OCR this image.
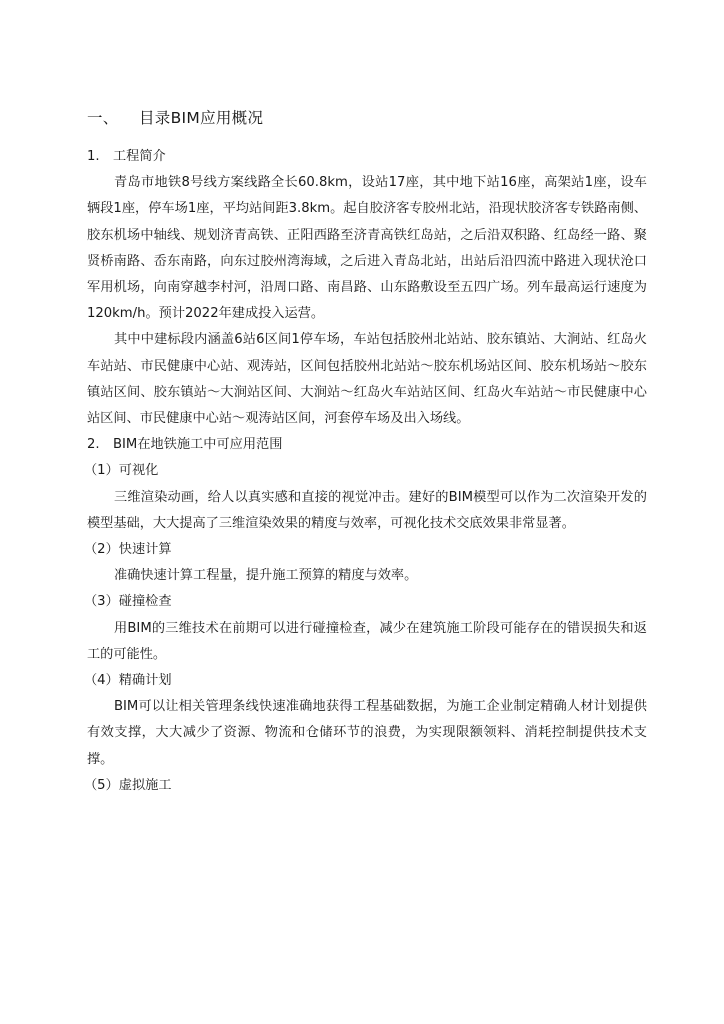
一、 目录BIM应用概况
1. 工程简介
青岛市地铁8号线方案线路全长60.8km，设站17座，其中地下站16座，高架站1座，设车辆段1座，停车场1座，平均站间距3.8km。起自胶济客专胶州北站，沿现状胶济客专铁路南侧、胶东机场中轴线、规划济青高铁、正阳西路至济青高铁红岛站，之后沿双积路、红岛经一路、聚贤桥南路、岙东南路，向东过胶州湾海域，之后进入青岛北站，出站后沿四流中路进入现状沧口军用机场，向南穿越李村河，沿周口路、南昌路、山东路敷设至五四广场。列车最高运行速度为120km/h。预计2022年建成投入运营。
其中中建标段内涵盖6站6区间1停车场，车站包括胶州北站站、胶东镇站、大涧站、红岛火车站站、市民健康中心站、观涛站，区间包括胶州北站站～胶东机场站区间、胶东机场站～胶东镇站区间、胶东镇站～大涧站区间、大涧站～红岛火车站站区间、红岛火车站站～市民健康中心站区间、市民健康中心站～观涛站区间，河套停车场及出入场线。
2. BIM在地铁施工中可应用范围
（1）可视化
三维渲染动画，给人以真实感和直接的视觉冲击。建好的BIM模型可以作为二次渲染开发的模型基础，大大提高了三维渲染效果的精度与效率，可视化技术交底效果非常显著。
（2）快速计算
准确快速计算工程量，提升施工预算的精度与效率。
（3）碰撞检查
用BIM的三维技术在前期可以进行碰撞检查，减少在建筑施工阶段可能存在的错误损失和返工的可能性。
（4）精确计划
BIM可以让相关管理条线快速准确地获得工程基础数据，为施工企业制定精确人材计划提供有效支撑，大大减少了资源、物流和仓储环节的浪费，为实现限额领料、消耗控制提供技术支撑。
（5）虚拟施工
